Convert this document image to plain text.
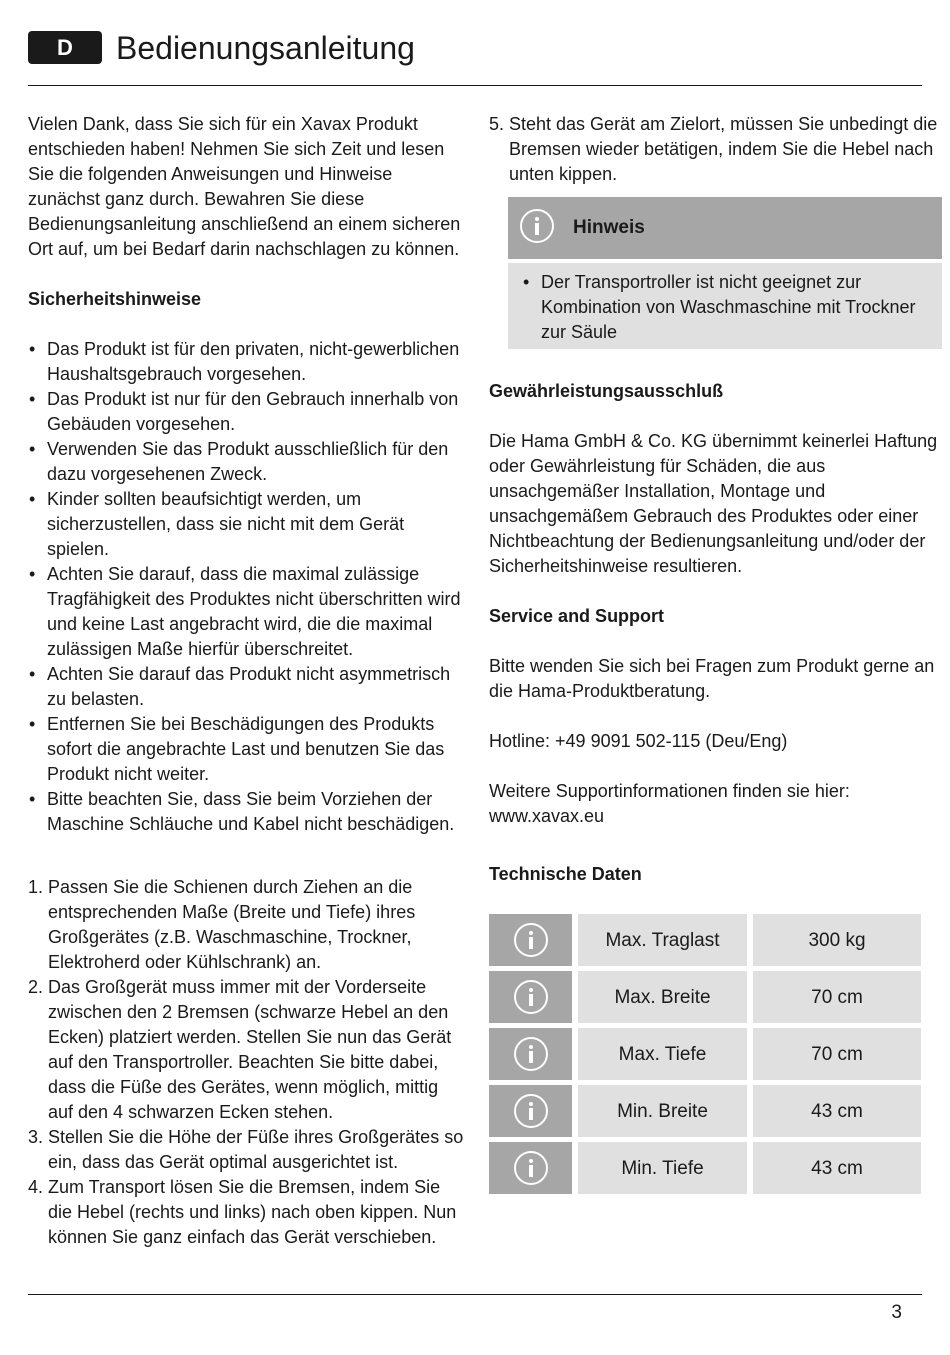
D	Bedienungsanleitung

Vielen Dank, dass Sie sich für ein Xavax Produkt entschieden haben! Nehmen Sie sich Zeit und lesen Sie die folgenden Anweisungen und Hinweise zunächst ganz durch. Bewahren Sie diese Bedienungsanleitung anschließend an einem sicheren Ort auf, um bei Bedarf darin nachschlagen zu können.

Sicherheitshinweise

• Das Produkt ist für den privaten, nicht-gewerblichen Haushaltsgebrauch vorgesehen.
• Das Produkt ist nur für den Gebrauch innerhalb von Gebäuden vorgesehen.
• Verwenden Sie das Produkt ausschließlich für den dazu vorgesehenen Zweck.
• Kinder sollten beaufsichtigt werden, um sicherzustellen, dass sie nicht mit dem Gerät spielen.
• Achten Sie darauf, dass die maximal zulässige Tragfähigkeit des Produktes nicht überschritten wird und keine Last angebracht wird, die die maximal zulässigen Maße hierfür überschreitet.
• Achten Sie darauf das Produkt nicht asymmetrisch zu belasten.
• Entfernen Sie bei Beschädigungen des Produkts sofort die angebrachte Last und benutzen Sie das Produkt nicht weiter.
• Bitte beachten Sie, dass Sie beim Vorziehen der Maschine Schläuche und Kabel nicht beschädigen.
1. Passen Sie die Schienen durch Ziehen an die entsprechenden Maße (Breite und Tiefe) ihres Großgerätes (z.B. Waschmaschine, Trockner, Elektroherd oder Kühlschrank) an.
2. Das Großgerät muss immer mit der Vorderseite zwischen den 2 Bremsen (schwarze Hebel an den Ecken) platziert werden. Stellen Sie nun das Gerät auf den Transportroller. Beachten Sie bitte dabei, dass die Füße des Gerätes, wenn möglich, mittig auf den 4 schwarzen Ecken stehen.
3. Stellen Sie die Höhe der Füße ihres Großgerätes so ein, dass das Gerät optimal ausgerichtet ist.
4. Zum Transport lösen Sie die Bremsen, indem Sie die Hebel (rechts und links) nach oben kippen. Nun können Sie ganz einfach das Gerät verschieben.
5. Steht das Gerät am Zielort, müssen Sie unbedingt die Bremsen wieder betätigen, indem Sie die Hebel nach unten kippen.
Hinweis
• Der Transportroller ist nicht geeignet zur Kombination von Waschmaschine mit Trockner zur Säule

Gewährleistungsausschluß

Die Hama GmbH & Co. KG übernimmt keinerlei Haftung oder Gewährleistung für Schäden, die aus unsachgemäßer Installation, Montage und unsachgemäßem Gebrauch des Produktes oder einer Nichtbeachtung der Bedienungsanleitung und/oder der Sicherheitshinweise resultieren.

Service and Support

Bitte wenden Sie sich bei Fragen zum Produkt gerne an die Hama-Produktberatung.

Hotline: +49 9091 502-115 (Deu/Eng)

Weitere Supportinformationen finden sie hier:

www.xavax.eu

Technische Daten

	Max. Traglast	300 kg

	Max. Breite	70 cm

	Max. Tiefe	70 cm

	Min. Breite	43 cm

	Min. Tiefe	43 cm
3
